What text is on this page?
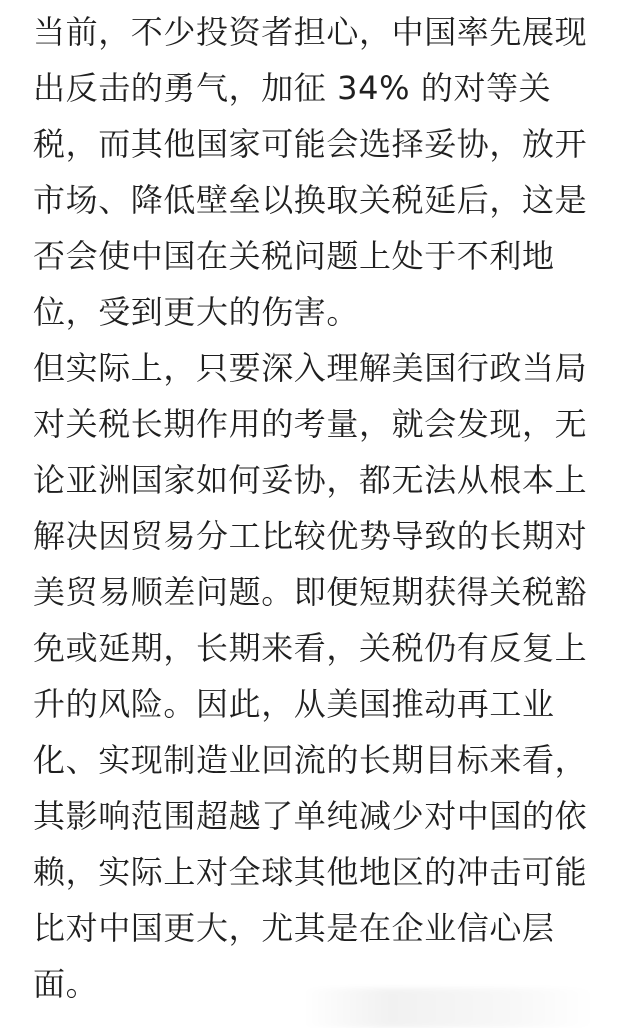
当前，不少投资者担心，中国率先展现
出反击的勇气，加征 34% 的对等关
税，而其他国家可能会选择妥协，放开
市场、降低壁垒以换取关税延后，这是
否会使中国在关税问题上处于不利地
位，受到更大的伤害。
但实际上，只要深入理解美国行政当局
对关税长期作用的考量，就会发现，无
论亚洲国家如何妥协，都无法从根本上
解决因贸易分工比较优势导致的长期对
美贸易顺差问题。即便短期获得关税豁
免或延期，长期来看，关税仍有反复上
升的风险。因此，从美国推动再工业
化、实现制造业回流的长期目标来看，
其影响范围超越了单纯减少对中国的依
赖，实际上对全球其他地区的冲击可能
比对中国更大，尤其是在企业信心层
面。
